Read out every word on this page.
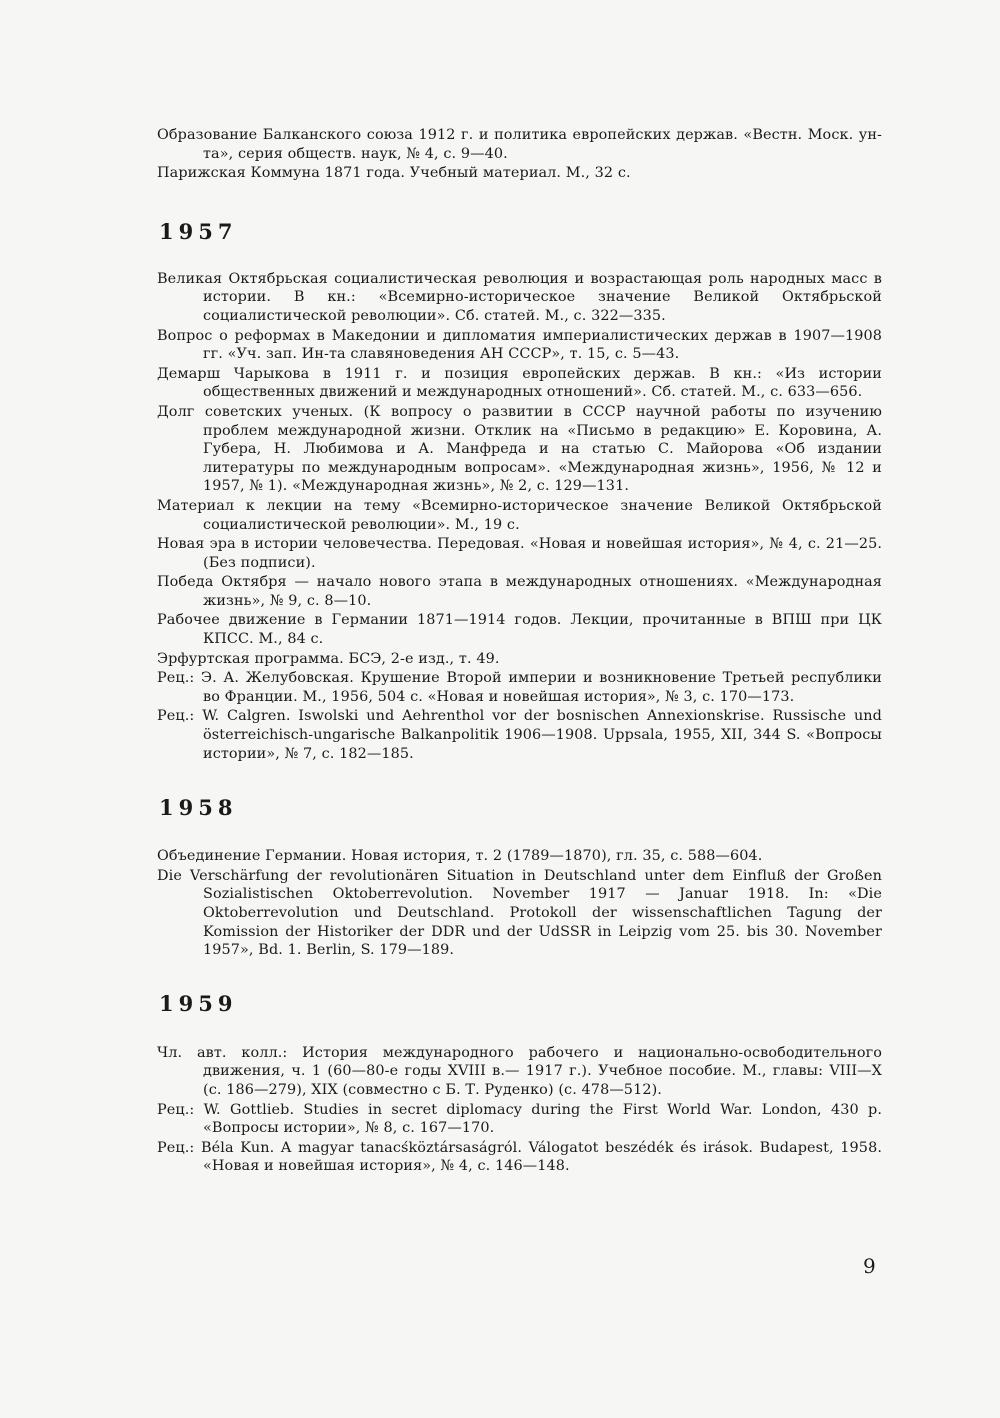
Образование Балканского союза 1912 г. и политика европейских держав. «Вестн. Моск. ун-та», серия обществ. наук, № 4, с. 9—40.

Парижская Коммуна 1871 года. Учебный материал. М., 32 с.

1957

Великая Октябрьская социалистическая революция и возрастающая роль народных масс в истории. В кн.: «Всемирно-историческое значение Великой Октябрьской социалистической революции». Сб. статей. М., с. 322—335.

Вопрос о реформах в Македонии и дипломатия империалистических держав в 1907—1908 гг. «Уч. зап. Ин-та славяноведения АН СССР», т. 15, с. 5—43.

Демарш Чарыкова в 1911 г. и позиция европейских держав. В кн.: «Из истории общественных движений и международных отношений». Сб. статей. М., с. 633—656.

Долг советских ученых. (К вопросу о развитии в СССР научной работы по изучению проблем международной жизни. Отклик на «Письмо в редакцию» Е. Коровина, А. Губера, Н. Любимова и А. Манфреда и на статью С. Майорова «Об издании литературы по международным вопросам». «Международная жизнь», 1956, № 12 и 1957, № 1). «Международная жизнь», № 2, с. 129—131.

Материал к лекции на тему «Всемирно-историческое значение Великой Октябрьской социалистической революции». М., 19 с.

Новая эра в истории человечества. Передовая. «Новая и новейшая история», № 4, с. 21—25. (Без подписи).

Победа Октября — начало нового этапа в международных отношениях. «Международная жизнь», № 9, с. 8—10.

Рабочее движение в Германии 1871—1914 годов. Лекции, прочитанные в ВПШ при ЦК КПСС. М., 84 с.

Эрфуртская программа. БСЭ, 2-е изд., т. 49.

Рец.: Э. А. Желубовская. Крушение Второй империи и возникновение Третьей республики во Франции. М., 1956, 504 с. «Новая и новейшая история», № 3, с. 170—173.

Рец.: W. Calgren. Iswolski und Aehrenthol vor der bosnischen Annexionskrise. Russische und österreichisch-ungarische Balkanpolitik 1906—1908. Uppsala, 1955, XII, 344 S. «Вопросы истории», № 7, с. 182—185.

1958

Объединение Германии. Новая история, т. 2 (1789—1870), гл. 35, с. 588—604.

Die Verschärfung der revolutionären Situation in Deutschland unter dem Einfluß der Großen Sozialistischen Oktoberrevolution. November 1917 — Januar 1918. In: «Die Oktoberrevolution und Deutschland. Protokoll der wissenschaftlichen Tagung der Komission der Historiker der DDR und der UdSSR in Leipzig vom 25. bis 30. November 1957», Bd. 1. Berlin, S. 179—189.

1959

Чл. авт. колл.: История международного рабочего и национально-освободительного движения, ч. 1 (60—80-е годы XVIII в.— 1917 г.). Учебное пособие. М., главы: VIII—X (с. 186—279), XIX (совместно с Б. Т. Руденко) (с. 478—512).

Рец.: W. Gottlieb. Studies in secret diplomacy during the First World War. London, 430 р. «Вопросы истории», № 8, с. 167—170.

Рец.: Béla Kun. A magyar tanacśköztársaságról. Válogatot beszédék és irások. Budapest, 1958. «Новая и новейшая история», № 4, с. 146—148.

9
